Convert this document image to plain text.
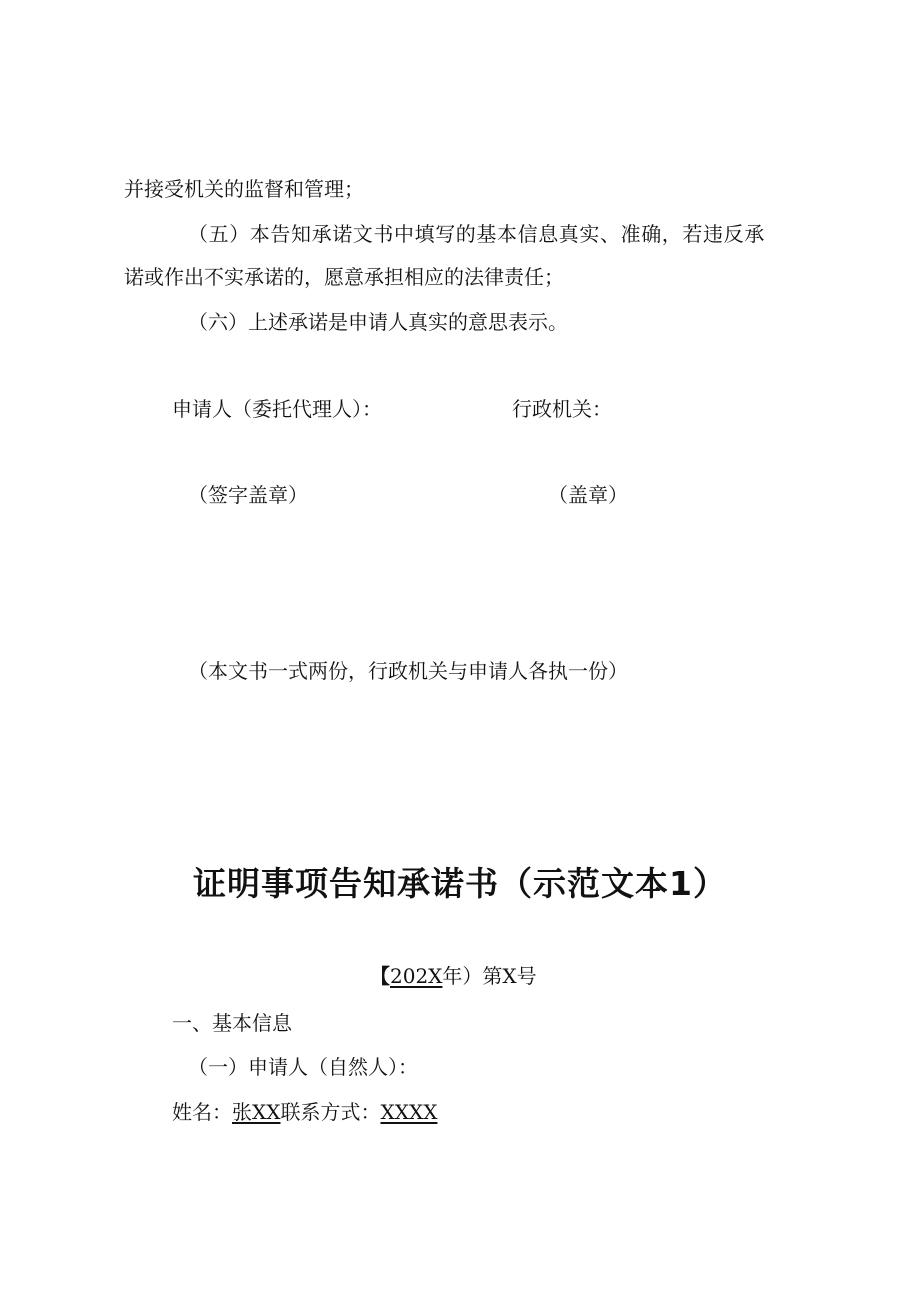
并接受机关的监督和管理；
（五）本告知承诺文书中填写的基本信息真实、准确，若违反承
诺或作出不实承诺的，愿意承担相应的法律责任；
（六）上述承诺是申请人真实的意思表示。
申请人（委托代理人）：	行政机关：
（签字盖章）	（盖章）
（本文书一式两份，行政机关与申请人各执一份）
证明事项告知承诺书（示范文本1）
【202X年）第X号
一、基本信息
（一）申请人（自然人）：
姓名：张XX联系方式：XXXX
